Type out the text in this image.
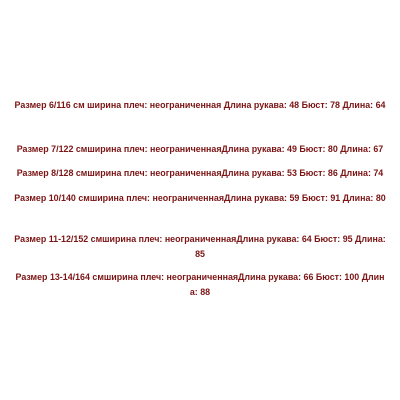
Размер 6/116 см ширина плеч: неограниченная Длина рукава: 48 Бюст: 78 Длина: 64

Размер 7/122 смширина плеч: неограниченнаяДлина рукава: 49 Бюст: 80 Длина: 67

Размер 8/128 смширина плеч: неограниченнаяДлина рукава: 53 Бюст: 86 Длина: 74

Размер 10/140 смширина плеч: неограниченнаяДлина рукава: 59 Бюст: 91 Длина: 80

Размер 11-12/152 смширина плеч: неограниченнаяДлина рукава: 64 Бюст: 95 Длина: 85

Размер 13-14/164 смширина плеч: неограниченнаяДлина рукава: 66 Бюст: 100 Длина: 88
